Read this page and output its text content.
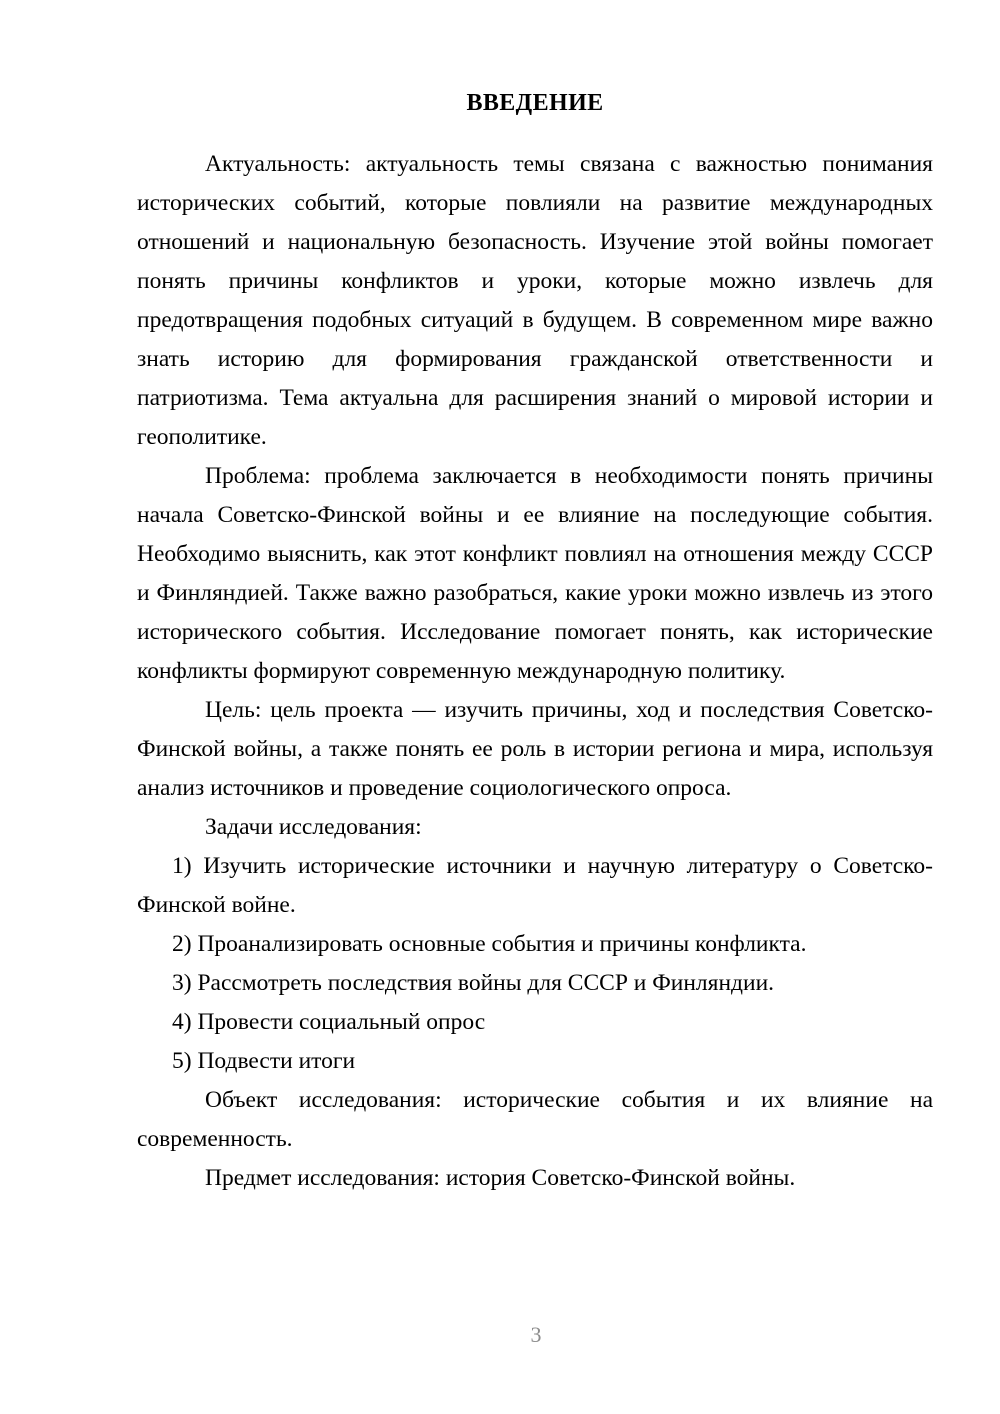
ВВЕДЕНИЕ

Актуальность: актуальность темы связана с важностью понимания исторических событий, которые повлияли на развитие международных отношений и национальную безопасность. Изучение этой войны помогает понять причины конфликтов и уроки, которые можно извлечь для предотвращения подобных ситуаций в будущем. В современном мире важно знать историю для формирования гражданской ответственности и патриотизма. Тема актуальна для расширения знаний о мировой истории и геополитике.

Проблема: проблема заключается в необходимости понять причины начала Советско-Финской войны и ее влияние на последующие события. Необходимо выяснить, как этот конфликт повлиял на отношения между СССР и Финляндией. Также важно разобраться, какие уроки можно извлечь из этого исторического события. Исследование помогает понять, как исторические конфликты формируют современную международную политику.

Цель: цель проекта — изучить причины, ход и последствия Советско-Финской войны, а также понять ее роль в истории региона и мира, используя анализ источников и проведение социологического опроса.

Задачи исследования:

1) Изучить исторические источники и научную литературу о Советско-Финской войне.

2) Проанализировать основные события и причины конфликта.

3) Рассмотреть последствия войны для СССР и Финляндии.

4) Провести социальный опрос

5) Подвести итоги

Объект исследования: исторические события и их влияние на современность.

Предмет исследования: история Советско-Финской войны.

3
